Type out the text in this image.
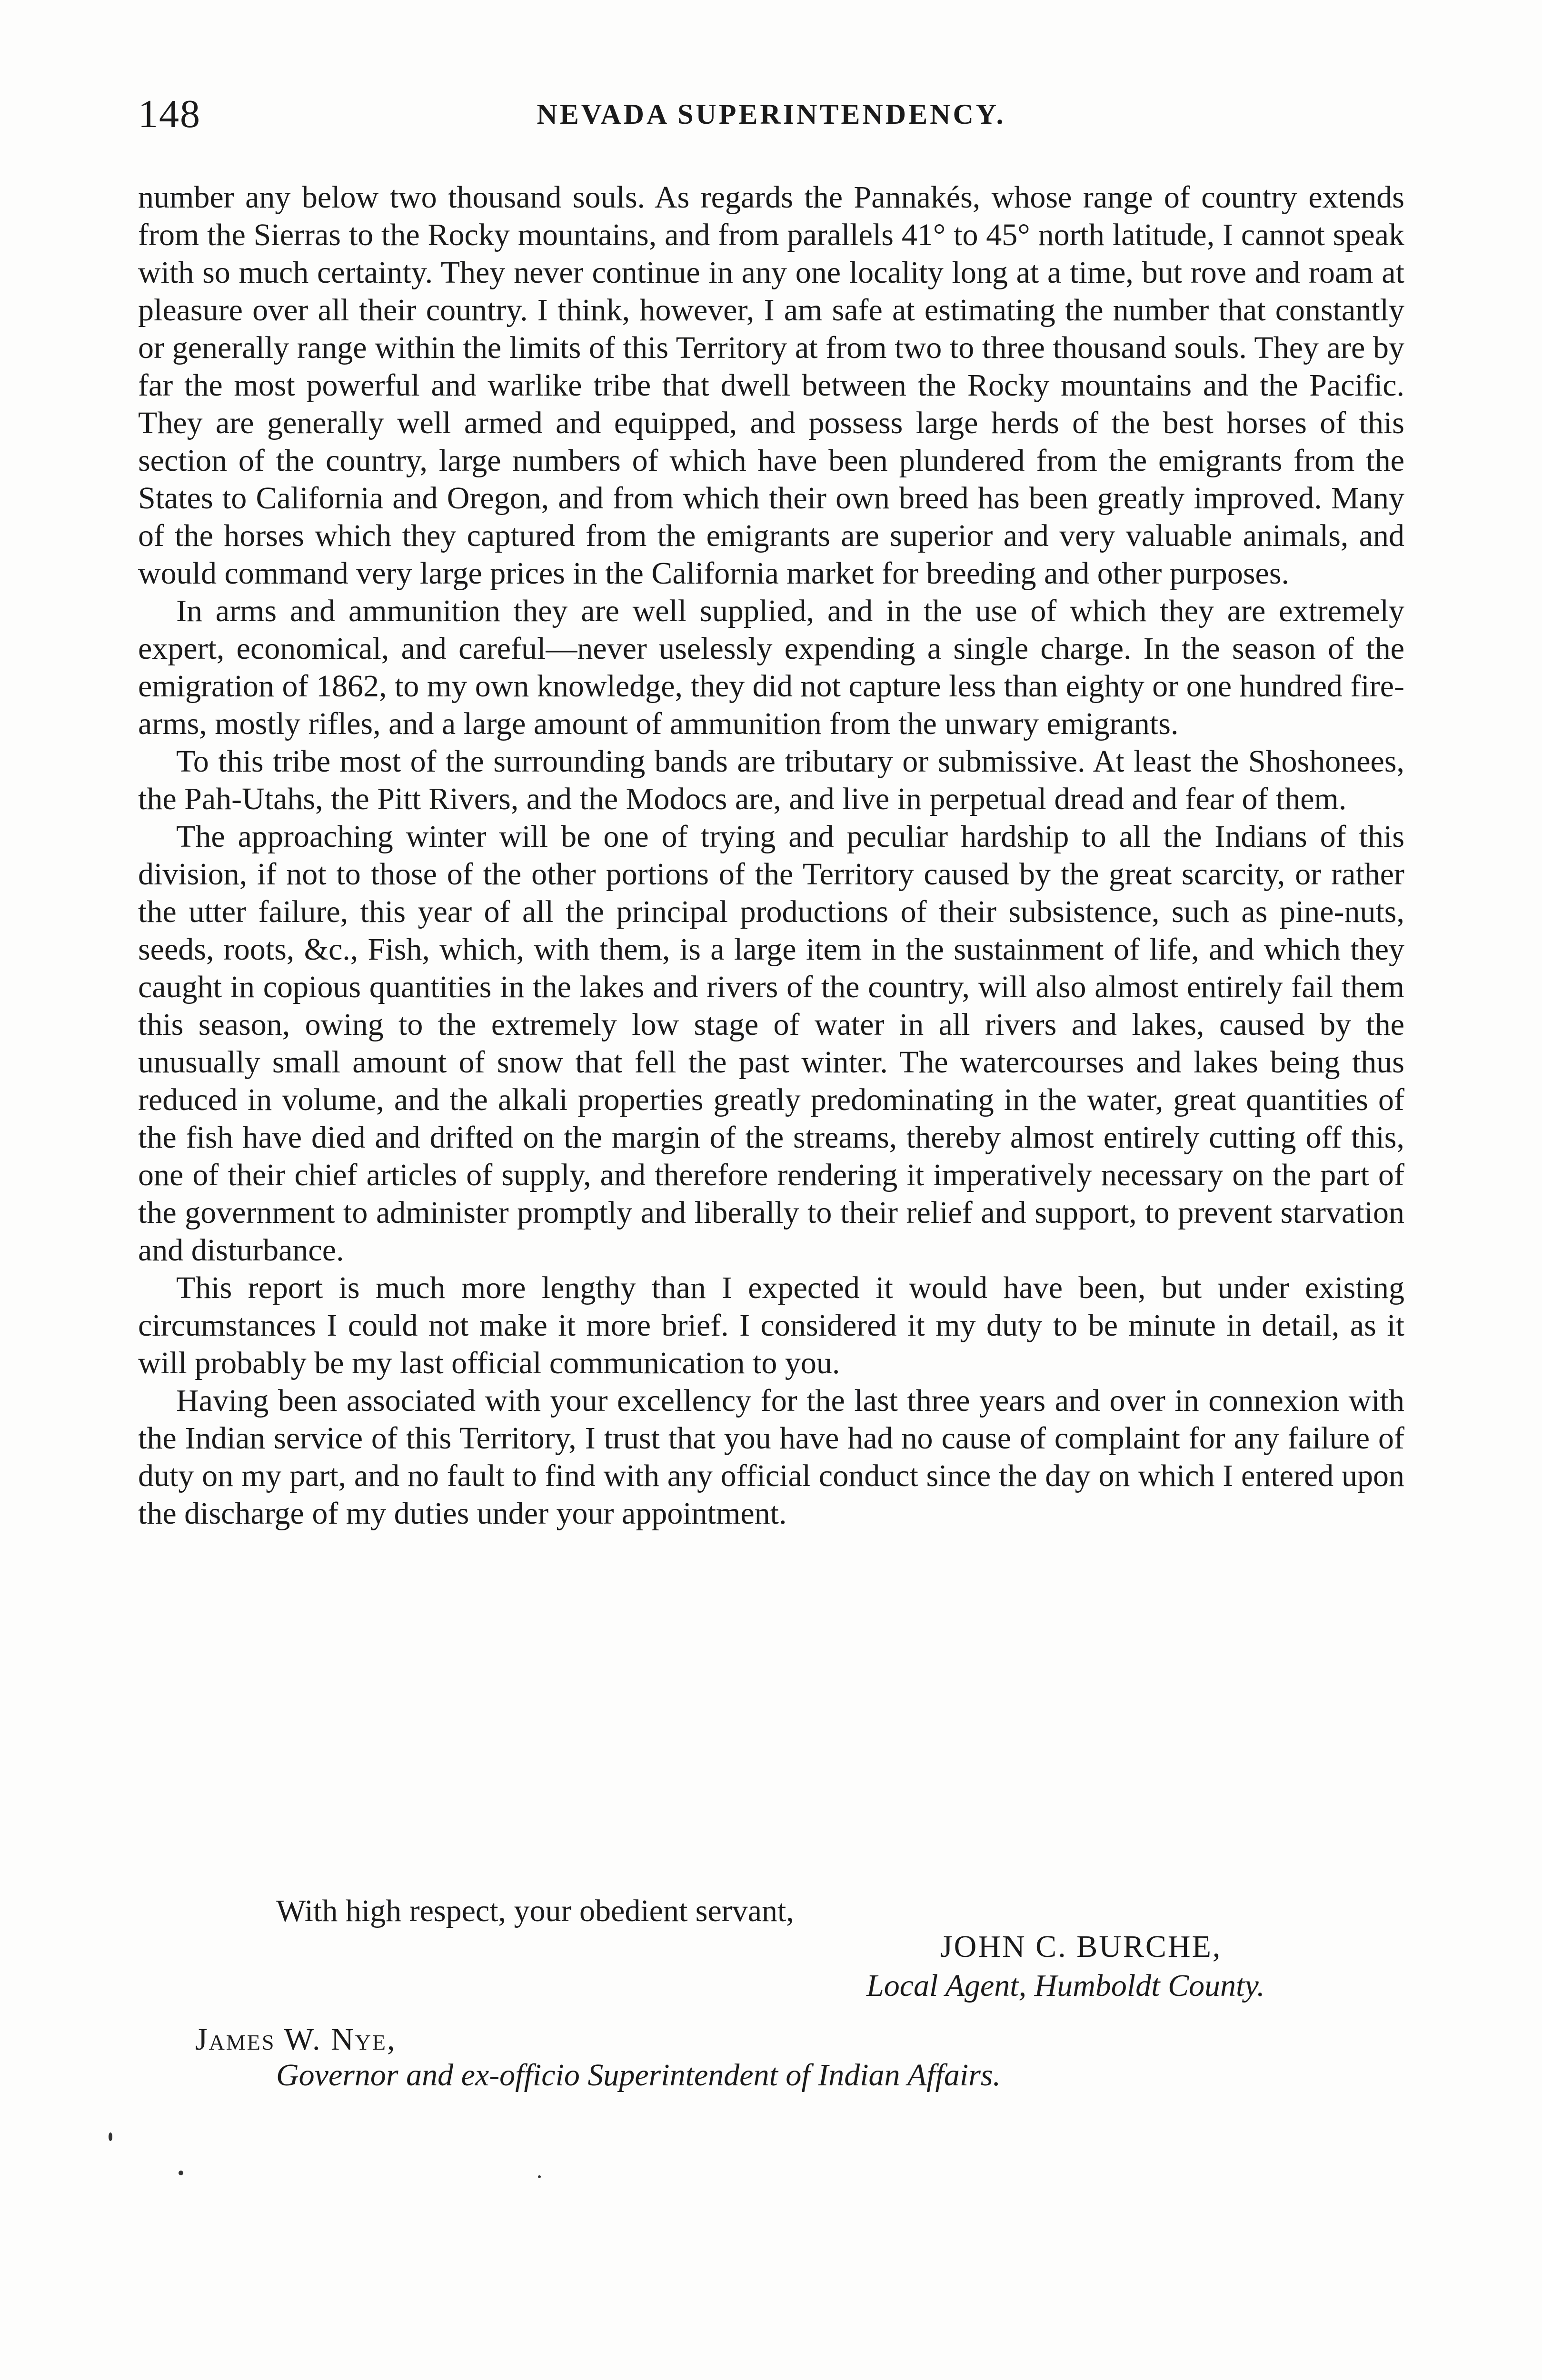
148	NEVADA SUPERINTENDENCY.

number any below two thousand souls. As regards the Pannakés, whose range of country extends from the Sierras to the Rocky mountains, and from parallels 41° to 45° north latitude, I cannot speak with so much certainty. They never continue in any one locality long at a time, but rove and roam at pleasure over all their country. I think, however, I am safe at estimating the number that constantly or generally range within the limits of this Territory at from two to three thousand souls. They are by far the most powerful and warlike tribe that dwell between the Rocky mountains and the Pacific. They are generally well armed and equipped, and possess large herds of the best horses of this section of the country, large numbers of which have been plundered from the emigrants from the States to California and Oregon, and from which their own breed has been greatly improved. Many of the horses which they captured from the emigrants are superior and very valuable animals, and would command very large prices in the California market for breeding and other purposes.

In arms and ammunition they are well supplied, and in the use of which they are extremely expert, economical, and careful—never uselessly expending a single charge. In the season of the emigration of 1862, to my own knowledge, they did not capture less than eighty or one hundred fire-arms, mostly rifles, and a large amount of ammunition from the unwary emigrants.

To this tribe most of the surrounding bands are tributary or submissive. At least the Shoshonees, the Pah-Utahs, the Pitt Rivers, and the Modocs are, and live in perpetual dread and fear of them.

The approaching winter will be one of trying and peculiar hardship to all the Indians of this division, if not to those of the other portions of the Territory caused by the great scarcity, or rather the utter failure, this year of all the principal productions of their subsistence, such as pine-nuts, seeds, roots, &c., Fish, which, with them, is a large item in the sustainment of life, and which they caught in copious quantities in the lakes and rivers of the country, will also almost entirely fail them this season, owing to the extremely low stage of water in all rivers and lakes, caused by the unusually small amount of snow that fell the past winter. The watercourses and lakes being thus reduced in volume, and the alkali properties greatly predominating in the water, great quantities of the fish have died and drifted on the margin of the streams, thereby almost entirely cutting off this, one of their chief articles of supply, and therefore rendering it imperatively necessary on the part of the government to administer promptly and liberally to their relief and support, to prevent starvation and disturbance.

This report is much more lengthy than I expected it would have been, but under existing circumstances I could not make it more brief. I considered it my duty to be minute in detail, as it will probably be my last official communication to you.

Having been associated with your excellency for the last three years and over in connexion with the Indian service of this Territory, I trust that you have had no cause of complaint for any failure of duty on my part, and no fault to find with any official conduct since the day on which I entered upon the discharge of my duties under your appointment.

With high respect, your obedient servant,
JOHN C. BURCHE,
Local Agent, Humboldt County.
James W. Nye,
Governor and ex-officio Superintendent of Indian Affairs.
